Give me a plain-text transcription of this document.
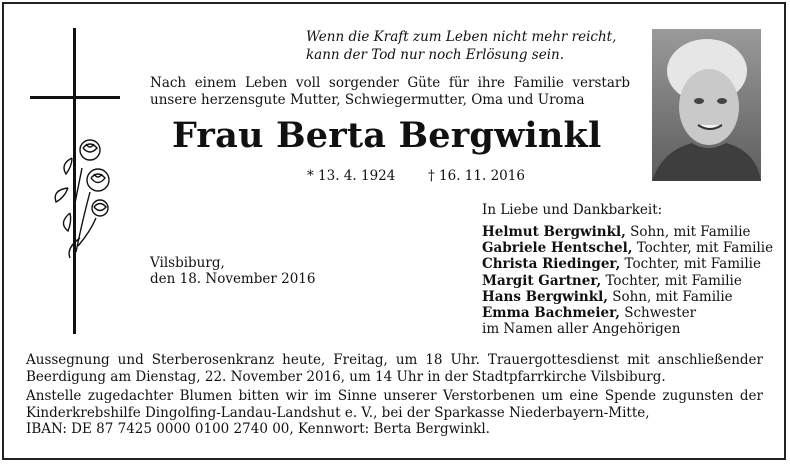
Wenn die Kraft zum Leben nicht mehr reicht,
kann der Tod nur noch Erlösung sein.
Nach einem Leben voll sorgender Güte für ihre Familie verstarb unsere herzensgute Mutter, Schwiegermutter, Oma und Uroma
Frau Berta Bergwinkl
* 13. 4. 1924 † 16. 11. 2016
Vilsbiburg,
den 18. November 2016
In Liebe und Dankbarkeit:
Helmut Bergwinkl, Sohn, mit Familie
Gabriele Hentschel, Tochter, mit Familie
Christa Riedinger, Tochter, mit Familie
Margit Gartner, Tochter, mit Familie
Hans Bergwinkl, Sohn, mit Familie
Emma Bachmeier, Schwester
im Namen aller Angehörigen
Aussegnung und Sterberosenkranz heute, Freitag, um 18 Uhr. Trauergottesdienst mit anschließender Beerdigung am Dienstag, 22. November 2016, um 14 Uhr in der Stadtpfarrkirche Vilsbiburg.
Anstelle zugedachter Blumen bitten wir im Sinne unserer Verstorbenen um eine Spende zugunsten der Kinderkrebshilfe Dingolfing-Landau-Landshut e. V., bei der Sparkasse Niederbayern-Mitte,
IBAN: DE 87 7425 0000 0100 2740 00, Kennwort: Berta Bergwinkl.
